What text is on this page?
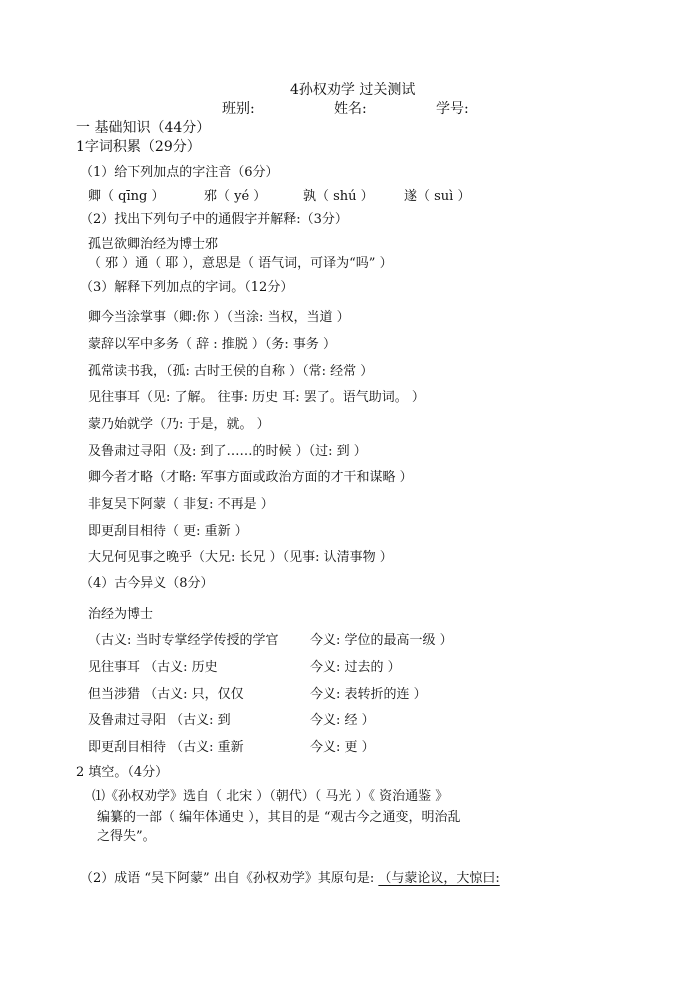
4孙权劝学 过关测试
班别:	姓名:	学号:
一 基础知识（44分）
1字词积累（29分）
（1）给下列加点的字注音（6分）
卿（ qīng ）	邪（ yé ）	孰（ shú ） 遂（ suì ）
（2）找出下列句子中的通假字并解释:（3分）
孤岂欲卿治经为博士邪
（ 邪 ）通（ 耶 ），意思是（ 语气词，可译为“吗” ）
（3）解释下列加点的字词。（12分）
卿今当涂掌事（卿:你 ）（当涂: 当权，当道 ）
蒙辞以军中多务（ 辞 : 推脱 ）（务: 事务 ）
孤常读书我，（孤: 古时王侯的自称 ）（常: 经常 ）
见往事耳（见: 了解。 往事: 历史 耳: 罢了。语气助词。 ）
蒙乃始就学（乃: 于是，就。 ）
及鲁肃过寻阳（及: 到了……的时候 ）（过: 到 ）
卿今者才略（才略: 军事方面或政治方面的才干和谋略 ）
非复吴下阿蒙（ 非复: 不再是 ）
即更刮目相待（ 更: 重新 ）
大兄何见事之晚乎（大兄: 长兄 ）（见事: 认清事物 ）
（4）古今异义（8分）
治经为博士
（古义: 当时专掌经学传授的学官 今义: 学位的最高一级 ）
见往事耳 （古义: 历史	今义: 过去的 ）
但当涉猎 （古义: 只，仅仅	今义: 表转折的连 ）
及鲁肃过寻阳 （古义: 到	今义: 经 ）
即更刮目相待 （古义: 重新	今义: 更 ）
2 填空。（4分）
⑴《孙权劝学》选自（ 北宋 ）（朝代）（ 马光 ）《 资治通鉴 》
编纂的一部（ 编年体通史 ），其目的是 “观古今之通变，明治乱
之得失”。
（2）成语 “吴下阿蒙” 出自《孙权劝学》其原句是: （与蒙论议，大惊曰:
